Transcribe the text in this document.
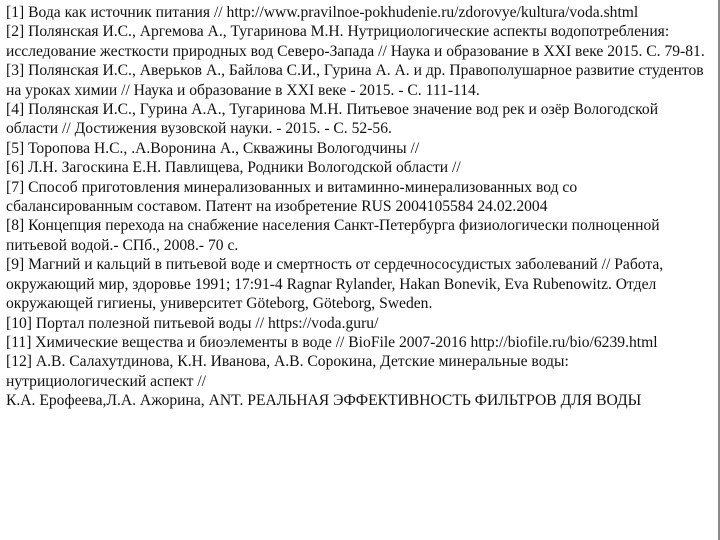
[1] Вода как источник питания // http://www.pravilnoe-pokhudenie.ru/zdorovye/kultura/voda.shtml
[2] Полянская И.С., Аргемова А., Тугаринова М.Н. Нутрициологические аспекты водопотребления: исследование жесткости природных вод Северо-Запада // Наука и образование в XXI веке 2015. С. 79-81.
[3] Полянская И.С., Аверьков А., Байлова С.И., Гурина А. А. и др. Правополушарное развитие студентов на уроках химии // Наука и образование в XXI веке - 2015. - С. 111-114.
[4] Полянская И.С., Гурина А.А., Тугаринова М.Н. Питьевое значение вод рек и озёр Вологодской области // Достижения вузовской науки. - 2015. - С. 52-56.
[5] Торопова Н.С., .А.Воронина А., Скважины Вологодчины //
[6] Л.Н. Загоскина Е.Н. Павлищева, Родники Вологодской области //
[7] Способ приготовления минерализованных и витаминно-минерализованных вод со сбалансированным составом. Патент на изобретение RUS 2004105584 24.02.2004
[8] Концепция перехода на снабжение населения Санкт-Петербурга физиологически полноценной питьевой водой.- СПб., 2008.- 70 с.
[9] Магний и кальций в питьевой воде и смертность от сердечнососудистых заболеваний // Работа, окружающий мир, здоровье 1991; 17:91-4 Ragnar Rylander, Hakan Bonevik, Eva Rubenowitz. Отдел окружающей гигиены, университет Göteborg, Göteborg, Sweden.
[10] Портал полезной питьевой воды // https://voda.guru/
[11] Химические вещества и биоэлементы в воде // BioFile 2007-2016 http://biofile.ru/bio/6239.html
[12] А.В. Салахутдинова, К.Н. Иванова, А.В. Сорокина, Детские минеральные воды: нутрициологический аспект //
К.А. Ерофеева,Л.А. Ажорина, ANT. РЕАЛЬНАЯ ЭФФЕКТИВНОСТЬ ФИЛЬТРОВ ДЛЯ ВОДЫ
